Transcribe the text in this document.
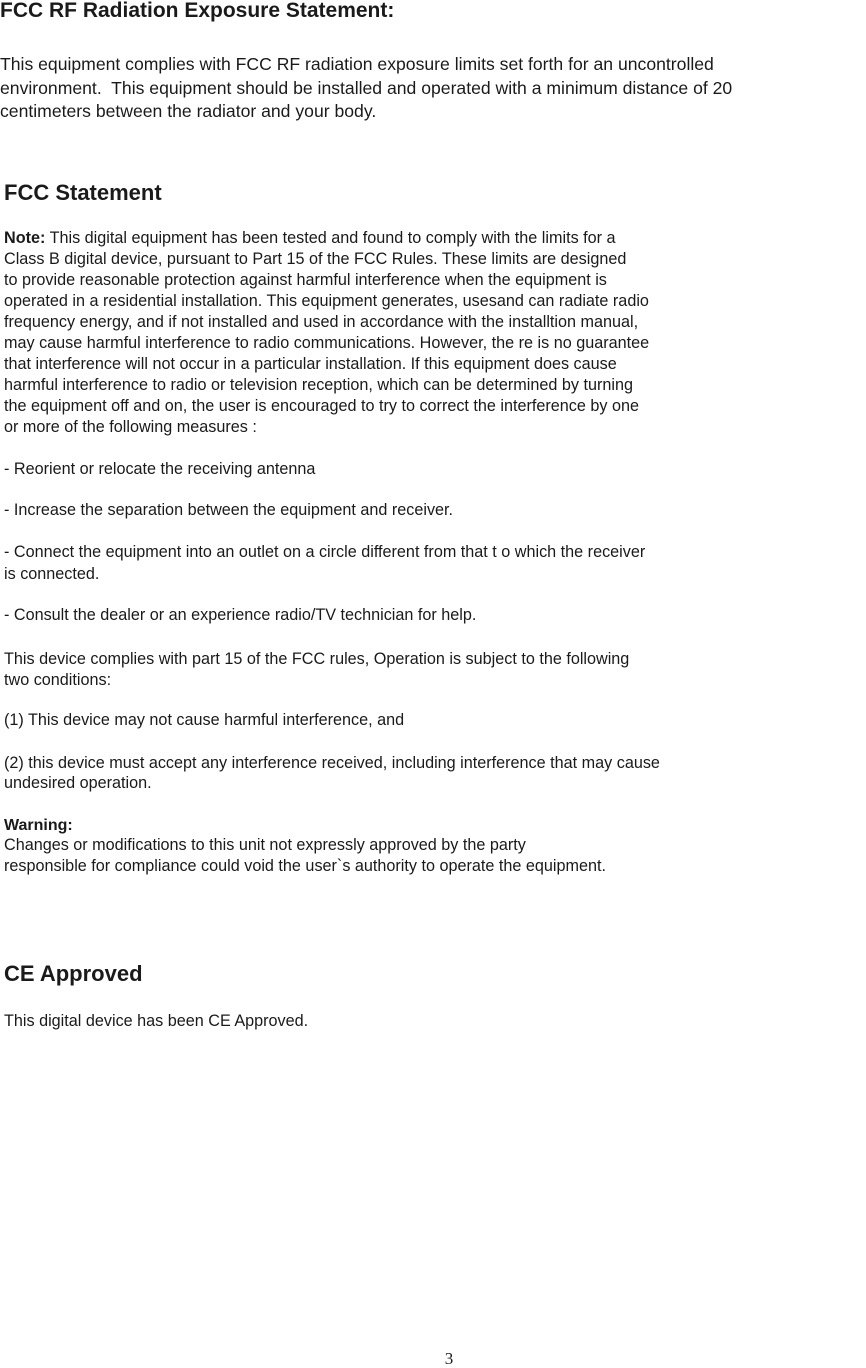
FCC RF Radiation Exposure Statement:

This equipment complies with FCC RF radiation exposure limits set forth for an uncontrolled

environment.  This equipment should be installed and operated with a minimum distance of 20

centimeters between the radiator and your body.

FCC Statement

Note: This digital equipment has been tested and found to comply with the limits for a

Class B digital device, pursuant to Part 15 of the FCC Rules. These limits are designed

to provide reasonable protection against harmful interference when the equipment is

operated in a residential installation. This equipment generates, usesand can radiate radio

frequency energy, and if not installed and used in accordance with the installtion manual,

may cause harmful interference to radio communications. However, the re is no guarantee

that interference will not occur in a particular installation. If this equipment does cause

harmful interference to radio or television reception, which can be determined by turning

the equipment off and on, the user is encouraged to try to correct the interference by one

or more of the following measures :

- Reorient or relocate the receiving antenna

- Increase the separation between the equipment and receiver.

- Connect the equipment into an outlet on a circle different from that t o which the receiver

is connected.

- Consult the dealer or an experience radio/TV technician for help.

This device complies with part 15 of the FCC rules, Operation is subject to the following

two conditions:

(1) This device may not cause harmful interference, and

(2) this device must accept any interference received, including interference that may cause

undesired operation.

Warning:

Changes or modifications to this unit not expressly approved by the party

responsible for compliance could void the user`s authority to operate the equipment.

CE Approved

This digital device has been CE Approved.

3
